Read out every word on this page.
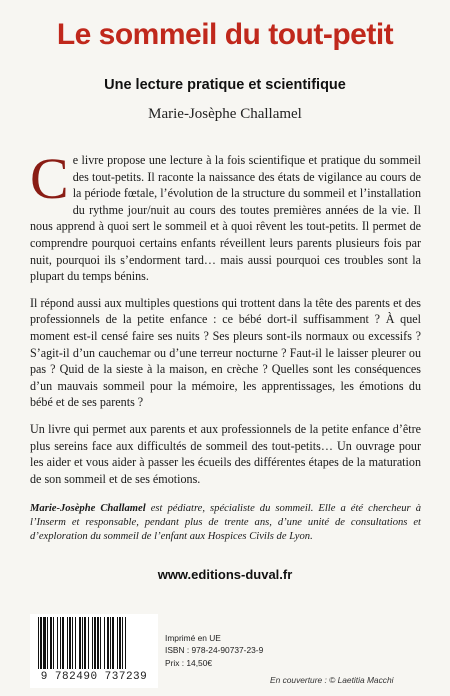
Le sommeil du tout-petit
Une lecture pratique et scientifique
Marie-Josèphe Challamel

Ce livre propose une lecture à la fois scientifique et pratique du sommeil des tout-petits. Il raconte la naissance des états de vigilance au cours de la période fœtale, l’évolution de la structure du sommeil et l’installation du rythme jour/nuit au cours des toutes premières années de la vie. Il nous apprend à quoi sert le sommeil et à quoi rêvent les tout-petits. Il permet de comprendre pourquoi certains enfants réveillent leurs parents plusieurs fois par nuit, pourquoi ils s’endorment tard… mais aussi pourquoi ces troubles sont la plupart du temps bénins.

Il répond aussi aux multiples questions qui trottent dans la tête des parents et des professionnels de la petite enfance : ce bébé dort-il suffisamment ? À quel moment est-il censé faire ses nuits ? Ses pleurs sont-ils normaux ou excessifs ? S’agit-il d’un cauchemar ou d’une terreur nocturne ? Faut-il le laisser pleurer ou pas ? Quid de la sieste à la maison, en crèche ? Quelles sont les conséquences d’un mauvais sommeil pour la mémoire, les apprentissages, les émotions du bébé et de ses parents ?

Un livre qui permet aux parents et aux professionnels de la petite enfance d’être plus sereins face aux difficultés de sommeil des tout-petits… Un ouvrage pour les aider et vous aider à passer les écueils des différentes étapes de la maturation de son sommeil et de ses émotions.

Marie-Josèphe Challamel est pédiatre, spécialiste du sommeil. Elle a été chercheur à l’Inserm et responsable, pendant plus de trente ans, d’une unité de consultations et d’exploration du sommeil de l’enfant aux Hospices Civils de Lyon.
www.editions-duval.fr
9 782490 737239
Imprimé en UE
ISBN : 978-24-90737-23-9
Prix : 14,50€
En couverture : © Laetitia Macchi
